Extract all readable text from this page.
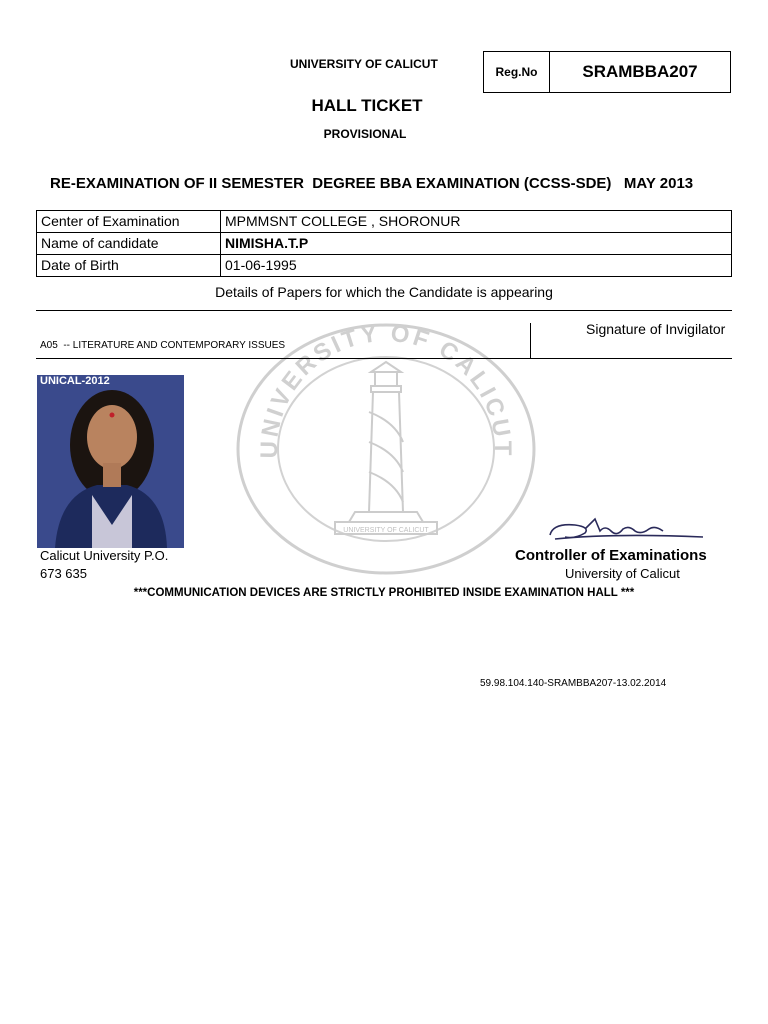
UNIVERSITY OF CALICUT
UNIVERSITY OF CALICUT
UNIVERSITY OF CALICUT
Reg.No	SRAMBBA207
HALL TICKET
PROVISIONAL
RE-EXAMINATION OF II SEMESTER  DEGREE BBA EXAMINATION (CCSS-SDE)   MAY 2013
Center of Examination	MPMMSNT COLLEGE , SHORONUR
Name of candidate	NIMISHA.T.P
Date of Birth	01-06-1995
Details of Papers for which the Candidate is appearing
Signature of Invigilator
A05  -- LITERATURE AND CONTEMPORARY ISSUES
UNICAL-2012
Calicut University P.O.
673 635
Controller of Examinations
University of Calicut
***COMMUNICATION DEVICES ARE STRICTLY PROHIBITED INSIDE EXAMINATION HALL ***
59.98.104.140-SRAMBBA207-13.02.2014
